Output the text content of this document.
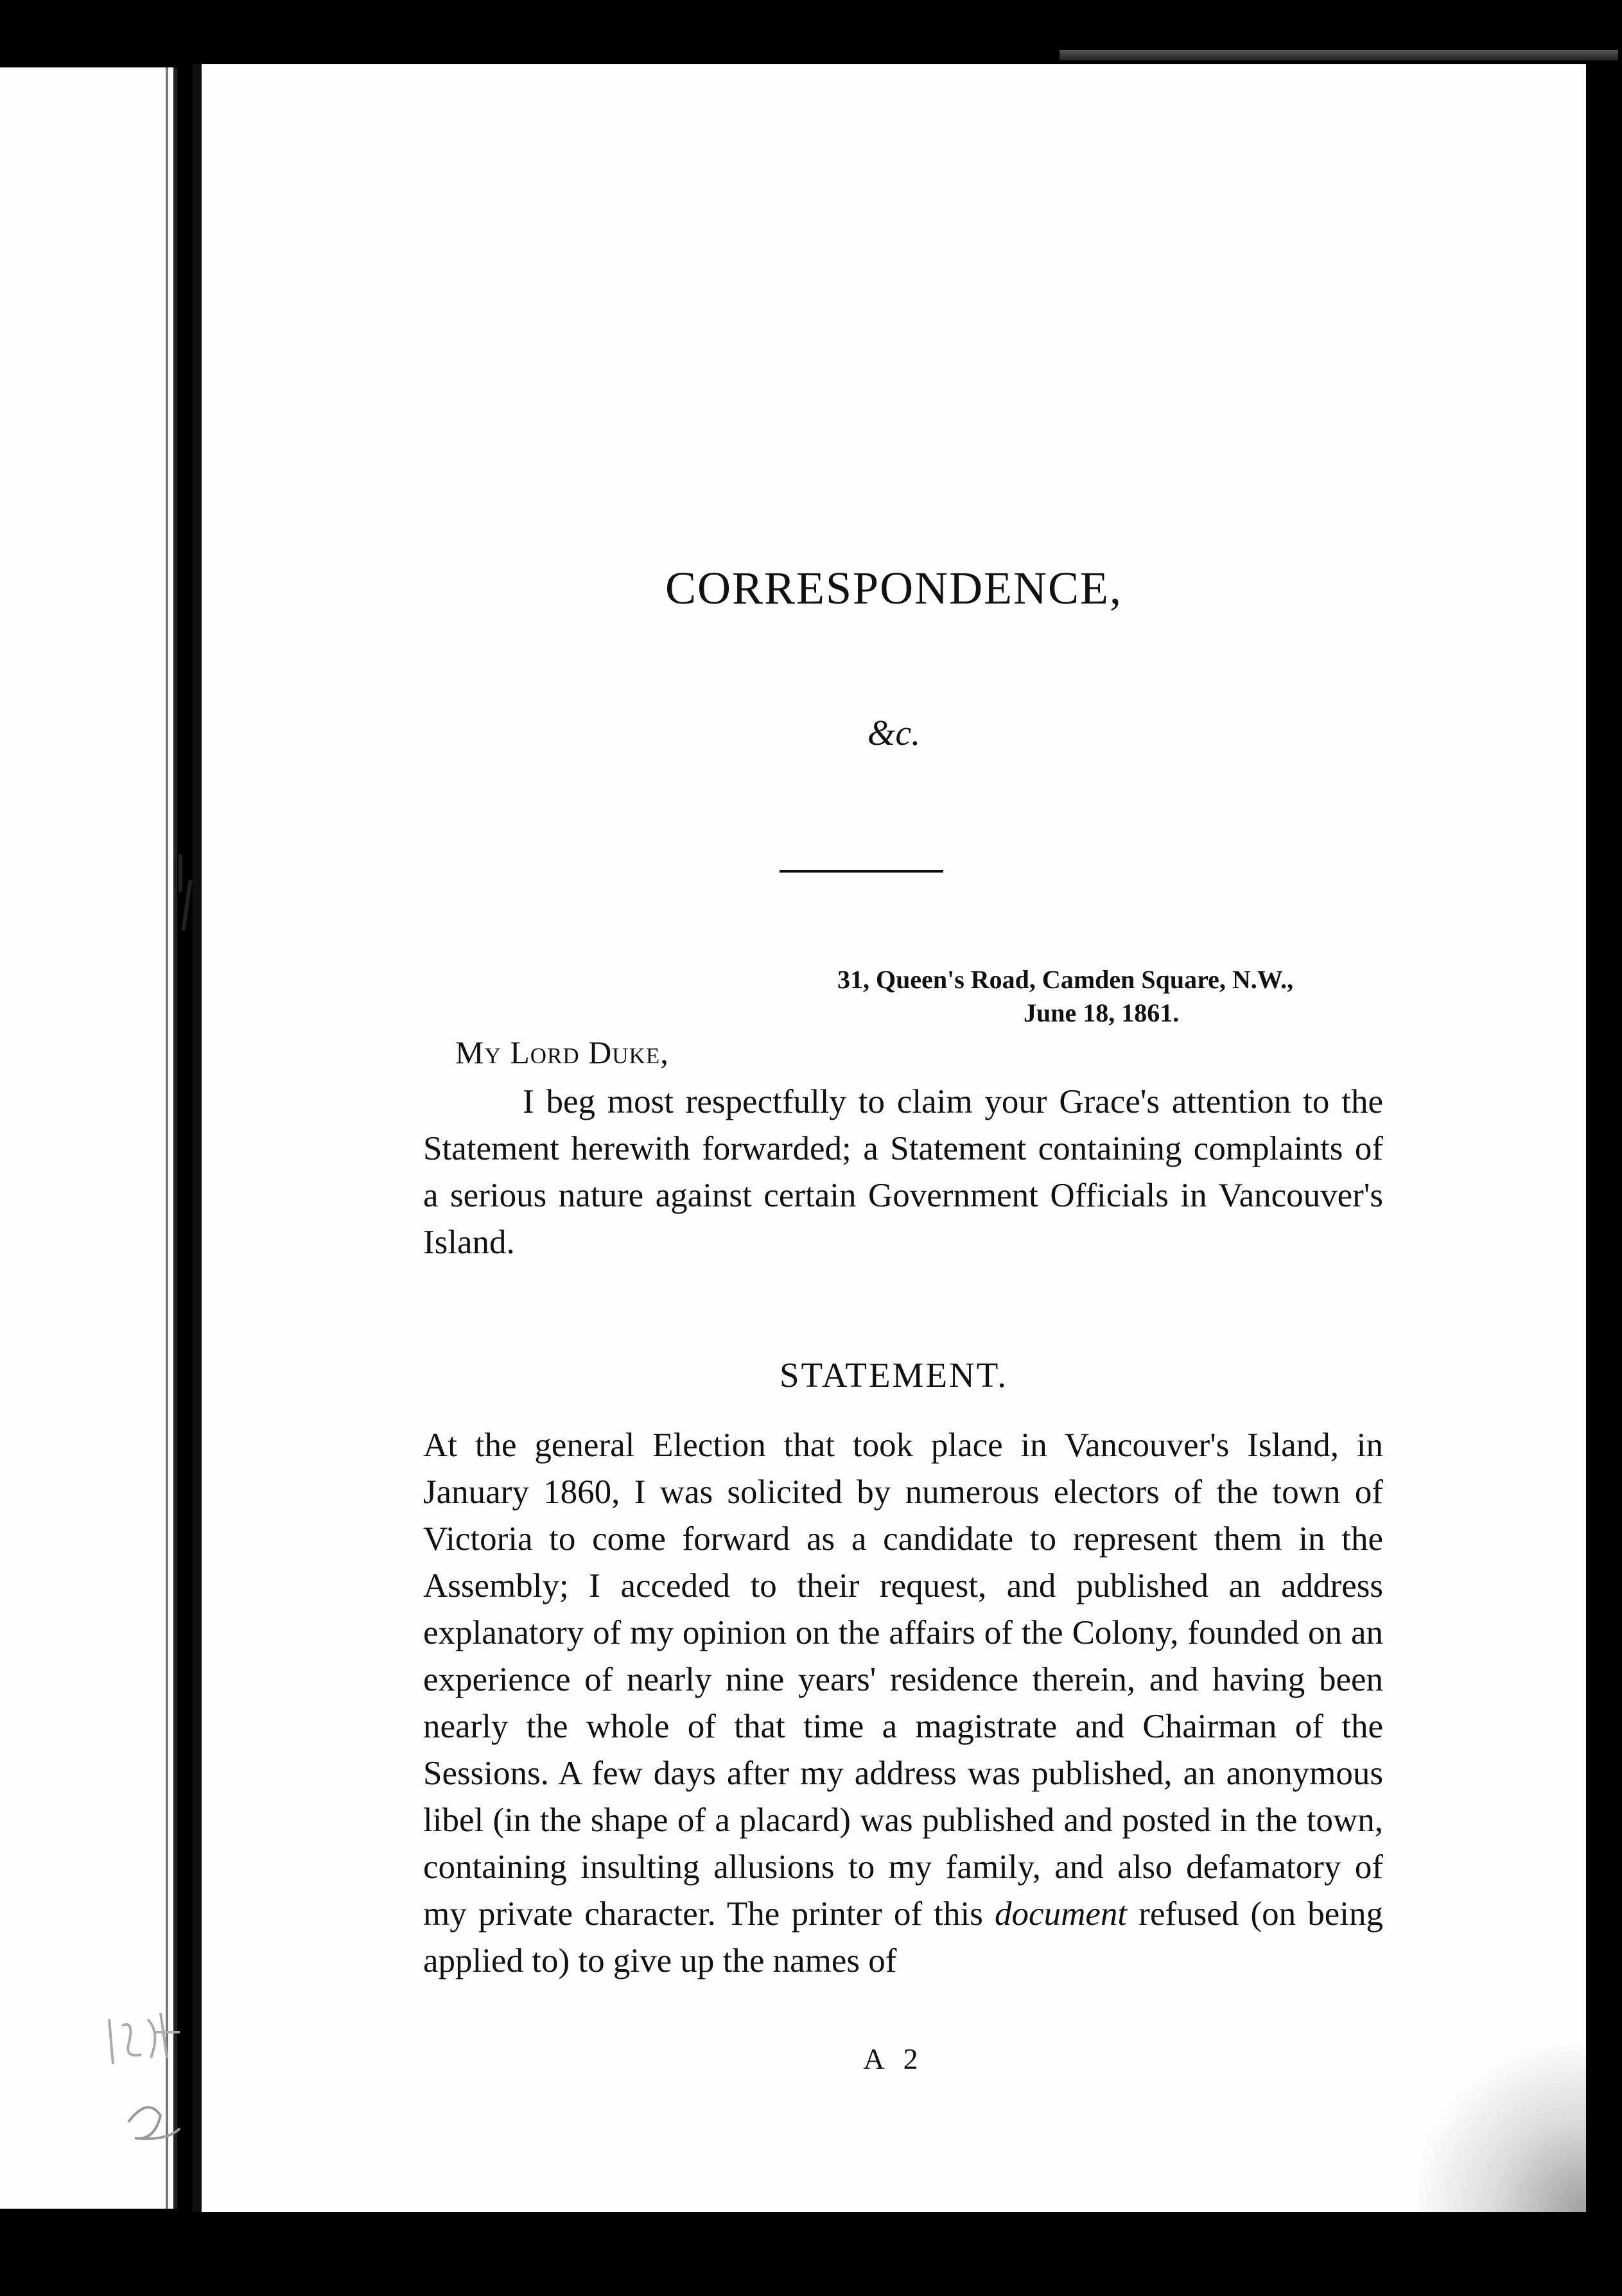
CORRESPONDENCE,
&c.
31, Queen's Road, Camden Square, N.W.,
June 18, 1861.
My Lord Duke,
I beg most respectfully to claim your Grace's attention to the Statement herewith forwarded; a Statement containing complaints of a serious nature against certain Government Officials in Vancouver's Island.
STATEMENT.
At the general Election that took place in Vancouver's Island, in January 1860, I was solicited by numerous electors of the town of Victoria to come forward as a candidate to represent them in the Assembly; I acceded to their request, and published an address explanatory of my opinion on the affairs of the Colony, founded on an experience of nearly nine years' residence therein, and having been nearly the whole of that time a magistrate and Chairman of the Sessions. A few days after my address was published, an anonymous libel (in the shape of a placard) was published and posted in the town, containing insulting allusions to my family, and also defamatory of my private character. The printer of this document refused (on being applied to) to give up the names of
A 2
